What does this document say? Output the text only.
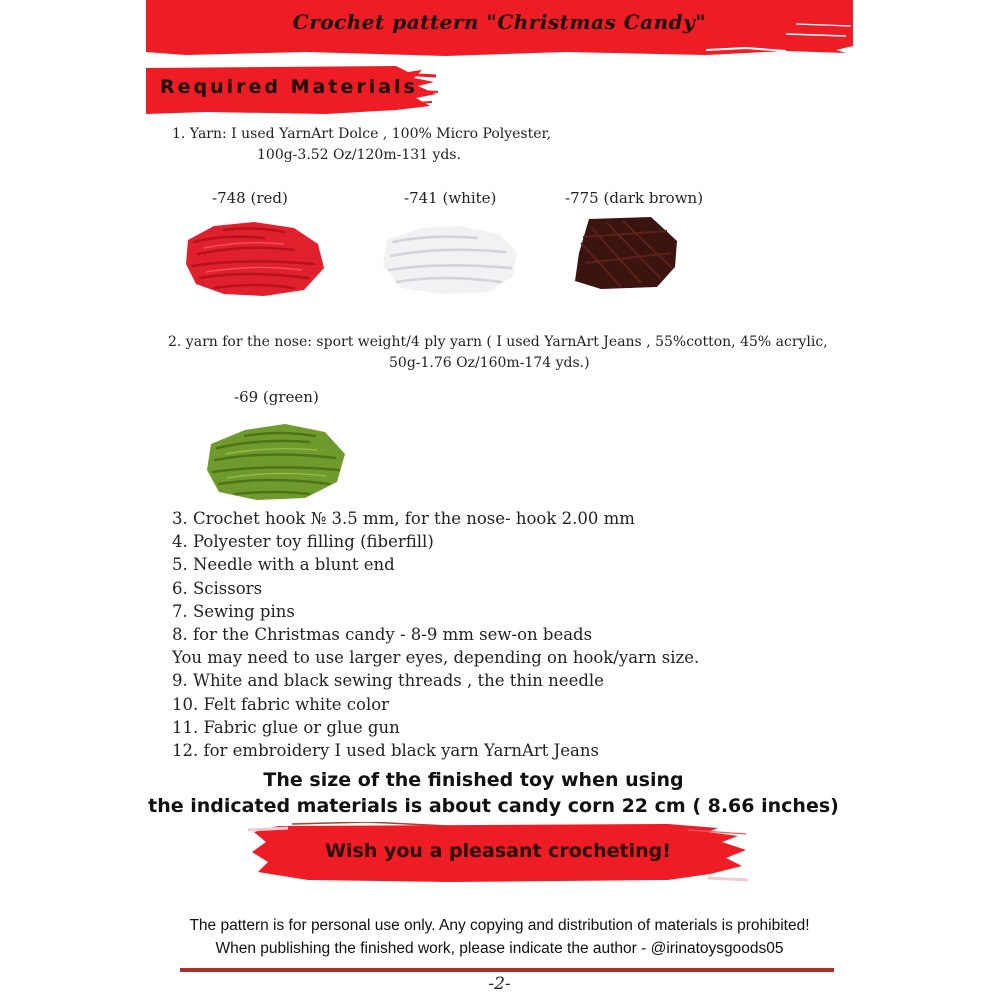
Crochet pattern "Christmas Candy"
Required Materials
1. Yarn: I used YarnArt Dolce , 100% Micro Polyester,
100g-3.52 Oz/120m-131 yds.
-748 (red)	-741 (white)	-775 (dark brown)
2. yarn for the nose: sport weight/4 ply yarn ( I used YarnArt Jeans , 55%cotton, 45% acrylic,
50g-1.76 Oz/160m-174 yds.)
-69 (green)
3. Crochet hook № 3.5 mm, for the nose- hook 2.00 mm
4. Polyester toy filling (fiberfill)
5. Needle with a blunt end
6. Scissors
7. Sewing pins
8. for the Christmas candy - 8-9 mm sew-on beads
You may need to use larger eyes, depending on hook/yarn size.
9. White and black sewing threads , the thin needle
10. Felt fabric white color
11. Fabric glue or glue gun
12. for embroidery I used black yarn YarnArt Jeans
The size of the finished toy when using
the indicated materials is about candy corn 22 cm ( 8.66 inches)
Wish you a pleasant crocheting!
The pattern is for personal use only. Any copying and distribution of materials is prohibited!
When publishing the finished work, please indicate the author - @irinatoysgoods05
-2-
